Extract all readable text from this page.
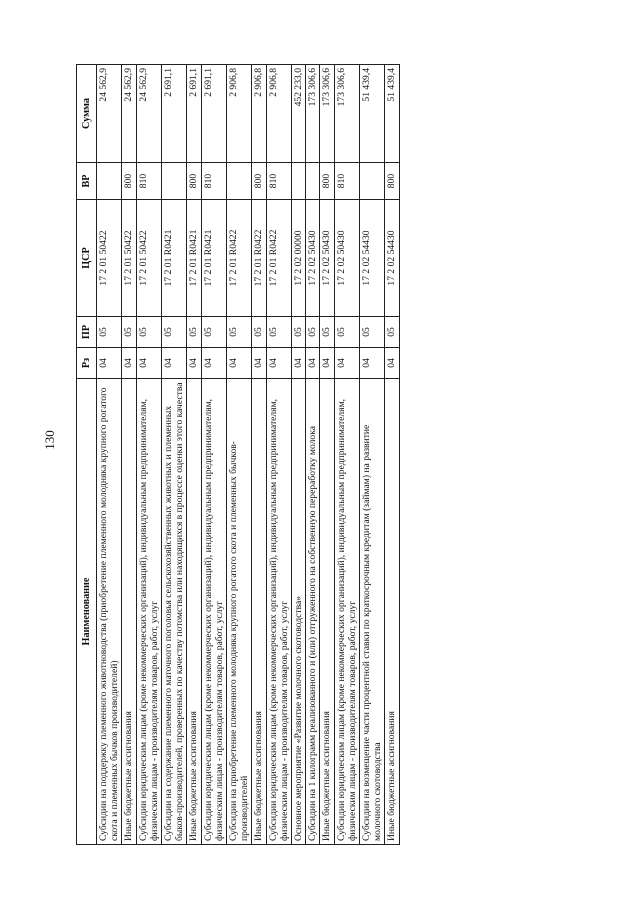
130
Наименование	Рз	ПР	ЦСР	ВР	Сумма
Субсидии на поддержку племенного животноводства (приобретение племенного молодняка крупного рогатого скота и племенных бычков производителей)	04	05	17 2 01 50422		24 562,9
Иные бюджетные ассигнования	04	05	17 2 01 50422	800	24 562,9
Субсидии юридическим лицам (кроме некоммерческих организаций), индивидуальным предпринимателям, физическим лицам - производителям товаров, работ, услуг	04	05	17 2 01 50422	810	24 562,9
Субсидии на содержание племенного маточного поголовья сельскохозяйственных животных и племенных быков-производителей, проверенных по качеству потомства или находящихся в процессе оценки этого качества	04	05	17 2 01 R0421		2 691,1
Иные бюджетные ассигнования	04	05	17 2 01 R0421	800	2 691,1
Субсидии юридическим лицам (кроме некоммерческих организаций), индивидуальным предпринимателям, физическим лицам - производителям товаров, работ, услуг	04	05	17 2 01 R0421	810	2 691,1
Субсидии на приобретение племенного молодняка крупного рогатого скота и племенных бычков-производителей	04	05	17 2 01 R0422		2 906,8
Иные бюджетные ассигнования	04	05	17 2 01 R0422	800	2 906,8
Субсидии юридическим лицам (кроме некоммерческих организаций), индивидуальным предпринимателям, физическим лицам - производителям товаров, работ, услуг	04	05	17 2 01 R0422	810	2 906,8
Основное мероприятие «Развитие молочного скотоводства»	04	05	17 2 02 00000		452 233,0
Субсидии на 1 килограмм реализованного и (или) отгруженного на собственную переработку молока	04	05	17 2 02 50430		173 306,6
Иные бюджетные ассигнования	04	05	17 2 02 50430	800	173 306,6
Субсидии юридическим лицам (кроме некоммерческих организаций), индивидуальным предпринимателям, физическим лицам - производителям товаров, работ, услуг	04	05	17 2 02 50430	810	173 306,6
Субсидии на возмещение части процентной ставки по краткосрочным кредитам (займам) на развитие молочного скотоводства	04	05	17 2 02 54430		51 439,4
Иные бюджетные ассигнования	04	05	17 2 02 54430	800	51 439,4
